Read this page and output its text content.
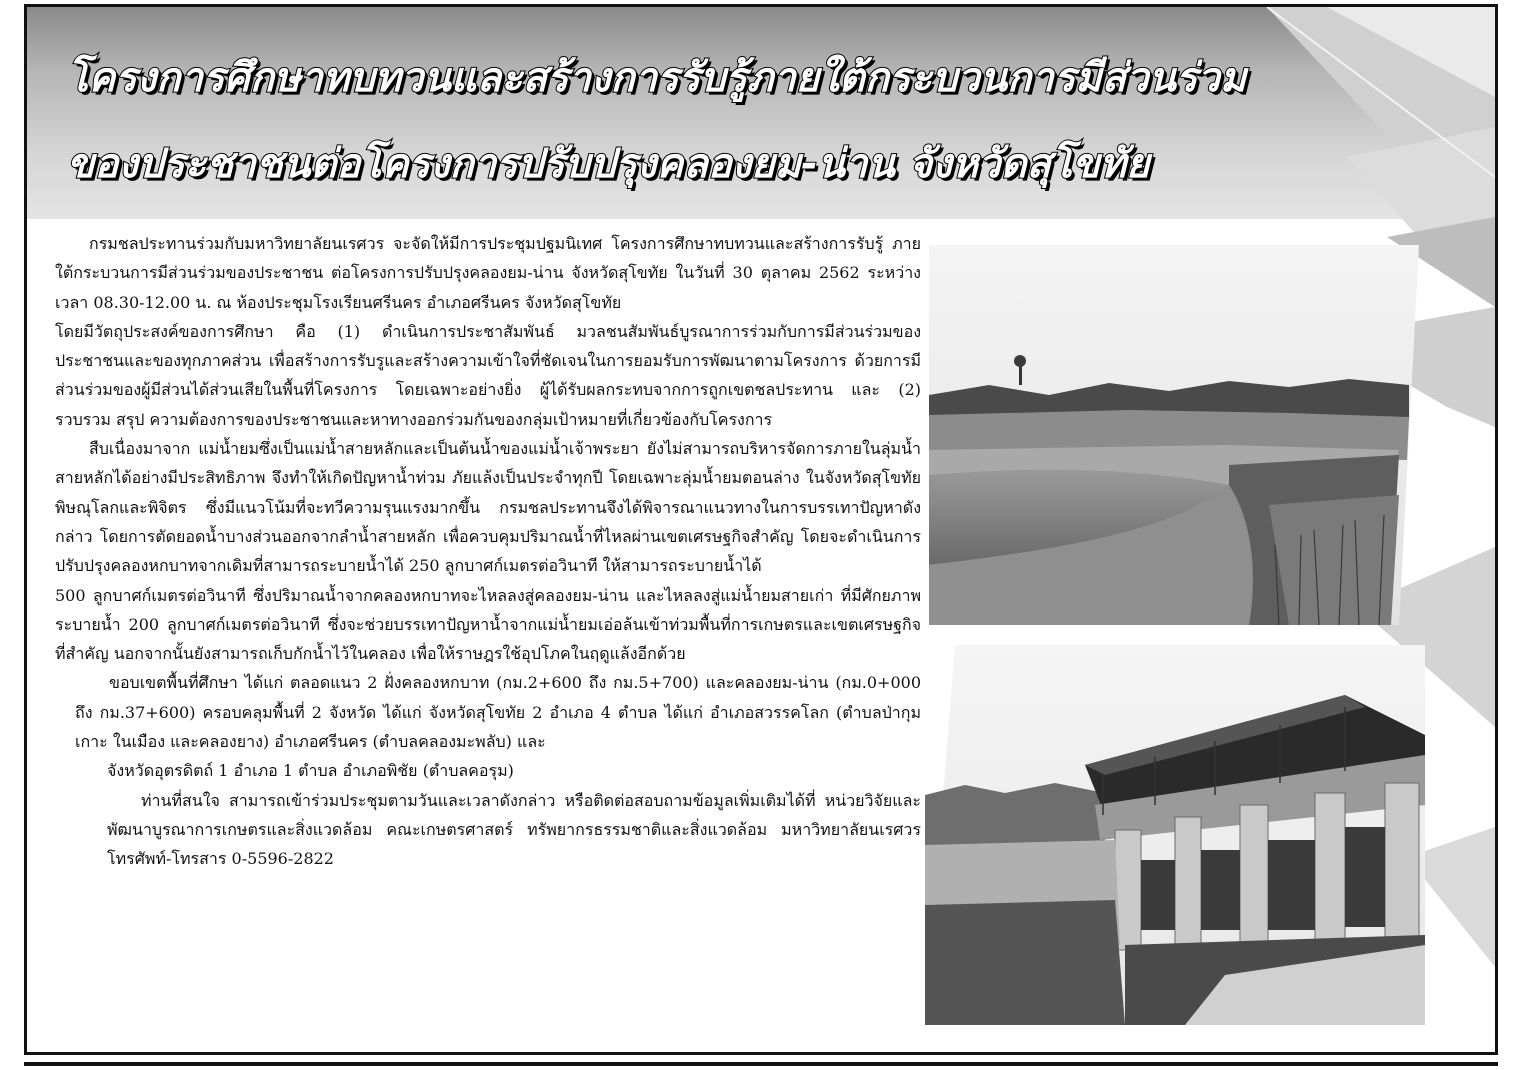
โครงการศึกษาทบทวนและสร้างการรับรู้ภายใต้กระบวนการมีส่วนร่วม
ของประชาชนต่อโครงการปรับปรุงคลองยม-น่าน จังหวัดสุโขทัย

กรมชลประทานร่วมกับมหาวิทยาลัยนเรศวร จะจัดให้มีการประชุมปฐมนิเทศ โครงการศึกษาทบทวนและสร้างการรับรู้ ภายใต้กระบวนการมีส่วนร่วมของประชาชน ต่อโครงการปรับปรุงคลองยม-น่าน จังหวัดสุโขทัย ในวันที่ 30 ตุลาคม 2562 ระหว่างเวลา 08.30-12.00 น. ณ ห้องประชุมโรงเรียนศรีนคร อำเภอศรีนคร จังหวัดสุโขทัย

โดยมีวัตถุประสงค์ของการศึกษา คือ (1) ดำเนินการประชาสัมพันธ์ มวลชนสัมพันธ์บูรณาการร่วมกับการมีส่วนร่วมของประชาชนและของทุกภาคส่วน เพื่อสร้างการรับรูและสร้างความเข้าใจที่ชัดเจนในการยอมรับการพัฒนาตามโครงการ ด้วยการมีส่วนร่วมของผู้มีส่วนได้ส่วนเสียในพื้นที่โครงการ โดยเฉพาะอย่างยิ่ง ผู้ได้รับผลกระทบจากการถูกเขตชลประทาน และ (2) รวบรวม สรุป ความต้องการของประชาชนและหาทางออกร่วมกันของกลุ่มเป้าหมายที่เกี่ยวข้องกับโครงการ

สืบเนื่องมาจาก แม่น้ำยมซึ่งเป็นแม่น้ำสายหลักและเป็นต้นน้ำของแม่น้ำเจ้าพระยา ยังไม่สามารถบริหารจัดการภายในลุ่มน้ำสายหลักได้อย่างมีประสิทธิภาพ จึงทำให้เกิดปัญหาน้ำท่วม ภัยแล้งเป็นประจำทุกปี โดยเฉพาะลุ่มน้ำยมตอนล่าง ในจังหวัดสุโขทัย พิษณุโลกและพิจิตร ซึ่งมีแนวโน้มที่จะทวีความรุนแรงมากขึ้น กรมชลประทานจึงได้พิจารณาแนวทางในการบรรเทาปัญหาดังกล่าว โดยการตัดยอดน้ำบางส่วนออกจากลำน้ำสายหลัก เพื่อควบคุมปริมาณน้ำที่ไหลผ่านเขตเศรษฐกิจสำคัญ โดยจะดำเนินการปรับปรุงคลองหกบาทจากเดิมที่สามารถระบายน้ำได้ 250 ลูกบาศก์เมตรต่อวินาที ให้สามารถระบายน้ำได้

500 ลูกบาศก์เมตรต่อวินาที ซึ่งปริมาณน้ำจากคลองหกบาทจะไหลลงสู่คลองยม-น่าน และไหลลงสู่แม่น้ำยมสายเก่า ที่มีศักยภาพระบายน้ำ 200 ลูกบาศก์เมตรต่อวินาที ซึ่งจะช่วยบรรเทาปัญหาน้ำจากแม่น้ำยมเอ่อล้นเข้าท่วมพื้นที่การเกษตรและเขตเศรษฐกิจที่สำคัญ นอกจากนั้นยังสามารถเก็บกักน้ำไว้ในคลอง เพื่อให้ราษฎรใช้อุปโภคในฤดูแล้งอีกด้วย

ขอบเขตพื้นที่ศึกษา ได้แก่ ตลอดแนว 2 ฝั่งคลองหกบาท (กม.2+600 ถึง กม.5+700) และคลองยม-น่าน (กม.0+000 ถึง กม.37+600) ครอบคลุมพื้นที่ 2 จังหวัด ได้แก่ จังหวัดสุโขทัย 2 อำเภอ 4 ตำบล ได้แก่ อำเภอสวรรคโลก (ตำบลป่ากุมเกาะ ในเมือง และคลองยาง) อำเภอศรีนคร (ตำบลคลองมะพลับ) และ

จังหวัดอุตรดิตถ์ 1 อำเภอ 1 ตำบล อำเภอพิชัย (ตำบลคอรุม)

ท่านที่สนใจ สามารถเข้าร่วมประชุมตามวันและเวลาดังกล่าว หรือติดต่อสอบถามข้อมูลเพิ่มเติมได้ที่ หน่วยวิจัยและพัฒนาบูรณาการเกษตรและสิ่งแวดล้อม คณะเกษตรศาสตร์ ทรัพยากรธรรมชาติและสิ่งแวดล้อม มหาวิทยาลัยนเรศวร โทรศัพท์-โทรสาร 0-5596-2822
